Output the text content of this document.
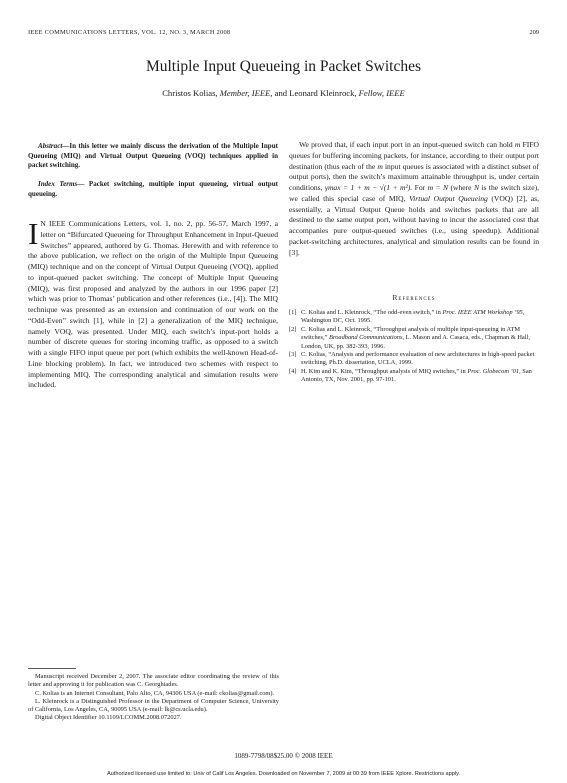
IEEE COMMUNICATIONS LETTERS, VOL. 12, NO. 3, MARCH 2008	209
Multiple Input Queueing in Packet Switches
Christos Kolias, Member, IEEE, and Leonard Kleinrock, Fellow, IEEE
Abstract—In this letter we mainly discuss the derivation of the Multiple Input Queueing (MIQ) and Virtual Output Queueing (VOQ) techniques applied in packet switching.
Index Terms— Packet switching, multiple input queueing, virtual output queueing.
I N IEEE Communications Letters, vol. 1, no. 2, pp. 56-57, March 1997, a letter on “Bifurcated Queueing for Throughput Enhancement in Input-Queued Switches” appeared, authored by G. Thomas. Herewith and with reference to the above publication, we reflect on the origin of the Multiple Input Queueing (MIQ) technique and on the concept of Virtual Output Queueing (VOQ), applied to input-queued packet switching. The concept of Multiple Input Queueing (MIQ), was first proposed and analyzed by the authors in our 1996 paper [2] which was prior to Thomas’ publication and other references (i.e., [4]). The MIQ technique was presented as an extension and continuation of our work on the “Odd-Even” switch [1], while in [2] a generalization of the MIQ technique, namely VOQ, was presented. Under MIQ, each switch’s input-port holds a number of discrete queues for storing incoming traffic, as opposed to a switch with a single FIFO input queue per port (which exhibits the well-known Head-of-Line blocking problem). In fact, we introduced two schemes with respect to implementing MIQ. The corresponding analytical and simulation results were included.
We proved that, if each input port in an input-queued switch can hold m FIFO queues for buffering incoming packets, for instance, according to their output port destination (thus each of the m input queues is associated with a distinct subset of output ports), then the switch’s maximum attainable throughput is, under certain conditions, γmax = 1 + m − √(1 + m²). For m = N (where N is the switch size), we called this special case of MIQ, Virtual Output Queueing (VOQ) [2], as, essentially, a Virtual Output Queue holds and switches packets that are all destined to the same output port, without having to incur the associated cost that accompanies pure output-queued switches (i.e., using speedup). Additional packet-switching architectures, analytical and simulation results can be found in [3].
References
[1] C. Kolias and L. Kleinrock, “The odd-even switch,” in Proc. IEEE ATM Workshop ’95, Washington DC, Oct. 1995.
[2] C. Kolias and L. Kleinrock, “Throughput analysis of multiple input-queueing in ATM switches,” Broadband Communications, L. Mason and A. Casaca, eds., Chapman & Hall, London, UK, pp. 382-393, 1996.
[3] C. Kolias, “Analysis and performance evaluation of new architectures in high-speed packet switching, Ph.D. dissertation, UCLA, 1999.
[4] H. Kim and K. Kim, “Throughput analysis of MIQ switches,” in Proc. Globecom ’01, San Antonio, TX, Nov. 2001, pp. 97-101.

Manuscript received December 2, 2007. The associate editor coordinating the review of this letter and approving it for publication was C. Georghiades.

C. Kolias is an Internet Consultant, Palo Alto, CA, 94306 USA (e-mail: ckolias@gmail.com).

L. Kleinrock is a Distinguished Professor in the Department of Computer Science, University of California, Los Angeles, CA, 90095 USA (e-mail: lk@cs.ucla.edu).

Digital Object Identifier 10.1109/LCOMM.2008.072027.

1089-7798/08$25.00 © 2008 IEEE
Authorized licensed use limited to: Univ of Calif Los Angeles. Downloaded on November 7, 2009 at 00:39 from IEEE Xplore. Restrictions apply.
